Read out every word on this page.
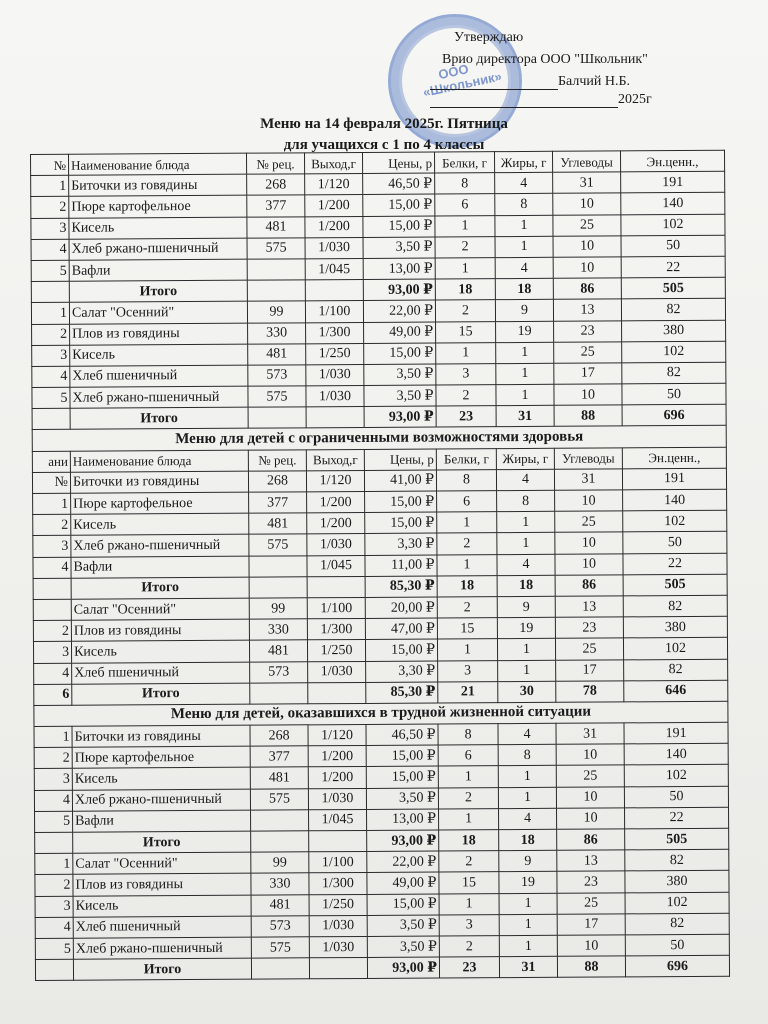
ООО «Школьник»
Утверждаю
Врио директора ООО "Школьник"
Балчий Н.Б.
2025г
Меню на 14 февраля 2025г. Пятница
для учащихся с 1 по 4 классы
№	Наименование блюда	№ рец.	Выход,г	Цены, р	Белки, г	Жиры, г	Углеводы	Эн.ценн.,
1	Биточки из говядины	268	1/120	46,50 ₽	8	4	31	191
2	Пюре картофельное	377	1/200	15,00 ₽	6	8	10	140
3	Кисель	481	1/200	15,00 ₽	1	1	25	102
4	Хлеб ржано-пшеничный	575	1/030	3,50 ₽	2	1	10	50
5	Вафли		1/045	13,00 ₽	1	4	10	22
	Итого			93,00 ₽	18	18	86	505
1	Салат "Осенний"	99	1/100	22,00 ₽	2	9	13	82
2	Плов из говядины	330	1/300	49,00 ₽	15	19	23	380
3	Кисель	481	1/250	15,00 ₽	1	1	25	102
4	Хлеб пшеничный	573	1/030	3,50 ₽	3	1	17	82
5	Хлеб ржано-пшеничный	575	1/030	3,50 ₽	2	1	10	50
	Итого			93,00 ₽	23	31	88	696
Меню для детей с ограниченными возможностями здоровья								
ани	Наименование блюда	№ рец.	Выход,г	Цены, р	Белки, г	Жиры, г	Углеводы	Эн.ценн.,
№	Биточки из говядины	268	1/120	41,00 ₽	8	4	31	191
1	Пюре картофельное	377	1/200	15,00 ₽	6	8	10	140
2	Кисель	481	1/200	15,00 ₽	1	1	25	102
3	Хлеб ржано-пшеничный	575	1/030	3,30 ₽	2	1	10	50
4	Вафли		1/045	11,00 ₽	1	4	10	22
	Итого			85,30 ₽	18	18	86	505
	Салат "Осенний"	99	1/100	20,00 ₽	2	9	13	82
2	Плов из говядины	330	1/300	47,00 ₽	15	19	23	380
3	Кисель	481	1/250	15,00 ₽	1	1	25	102
4	Хлеб пшеничный	573	1/030	3,30 ₽	3	1	17	82
6	Итого			85,30 ₽	21	30	78	646
Меню для детей, оказавшихся в трудной жизненной ситуации								
1	Биточки из говядины	268	1/120	46,50 ₽	8	4	31	191
2	Пюре картофельное	377	1/200	15,00 ₽	6	8	10	140
3	Кисель	481	1/200	15,00 ₽	1	1	25	102
4	Хлеб ржано-пшеничный	575	1/030	3,50 ₽	2	1	10	50
5	Вафли		1/045	13,00 ₽	1	4	10	22
	Итого			93,00 ₽	18	18	86	505
1	Салат "Осенний"	99	1/100	22,00 ₽	2	9	13	82
2	Плов из говядины	330	1/300	49,00 ₽	15	19	23	380
3	Кисель	481	1/250	15,00 ₽	1	1	25	102
4	Хлеб пшеничный	573	1/030	3,50 ₽	3	1	17	82
5	Хлеб ржано-пшеничный	575	1/030	3,50 ₽	2	1	10	50
	Итого			93,00 ₽	23	31	88	696
